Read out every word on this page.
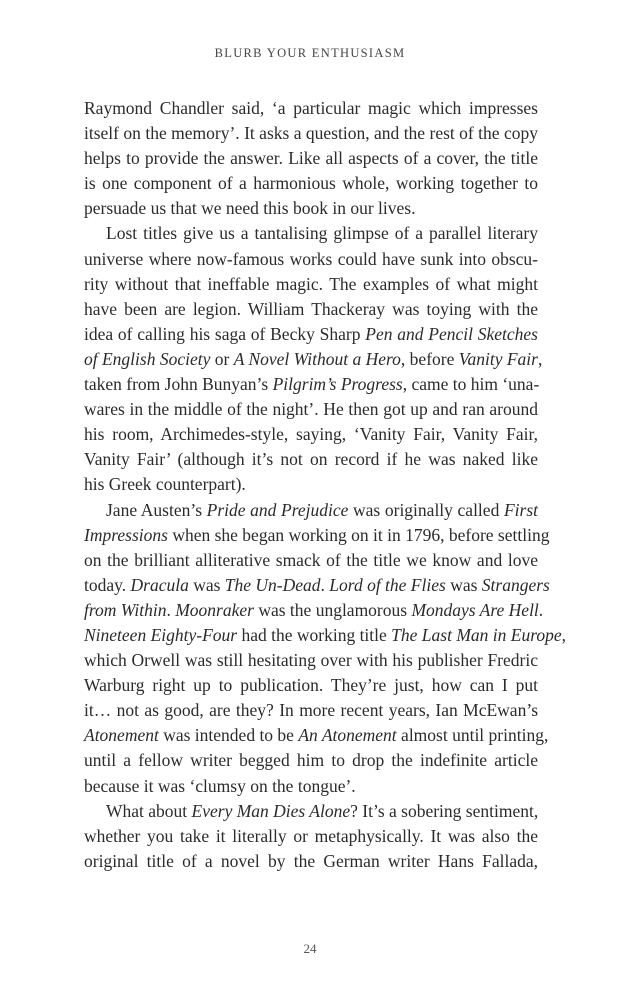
BLURB YOUR ENTHUSIASM
Raymond Chandler said, ‘a particular magic which impresses
itself on the memory’. It asks a question, and the rest of the copy
helps to provide the answer. Like all aspects of a cover, the title
is one component of a harmonious whole, working together to
persuade us that we need this book in our lives.
Lost titles give us a tantalising glimpse of a parallel literary
universe where now-famous works could have sunk into obscu-
rity without that ineffable magic. The examples of what might
have been are legion. William Thackeray was toying with the
idea of calling his saga of Becky Sharp Pen and Pencil Sketches
of English Society or A Novel Without a Hero, before Vanity Fair,
taken from John Bunyan’s Pilgrim’s Progress, came to him ‘una-
wares in the middle of the night’. He then got up and ran around
his room, Archimedes-style, saying, ‘Vanity Fair, Vanity Fair,
Vanity Fair’ (although it’s not on record if he was naked like
his Greek counterpart).
Jane Austen’s Pride and Prejudice was originally called First
Impressions when she began working on it in 1796, before settling
on the brilliant alliterative smack of the title we know and love
today. Dracula was The Un-Dead. Lord of the Flies was Strangers
from Within. Moonraker was the unglamorous Mondays Are Hell.
Nineteen Eighty-Four had the working title The Last Man in Europe,
which Orwell was still hesitating over with his publisher Fredric
Warburg right up to publication. They’re just, how can I put
it… not as good, are they? In more recent years, Ian McEwan’s
Atonement was intended to be An Atonement almost until printing,
until a fellow writer begged him to drop the indefinite article
because it was ‘clumsy on the tongue’.
What about Every Man Dies Alone? It’s a sobering sentiment,
whether you take it literally or metaphysically. It was also the
original title of a novel by the German writer Hans Fallada,
24
